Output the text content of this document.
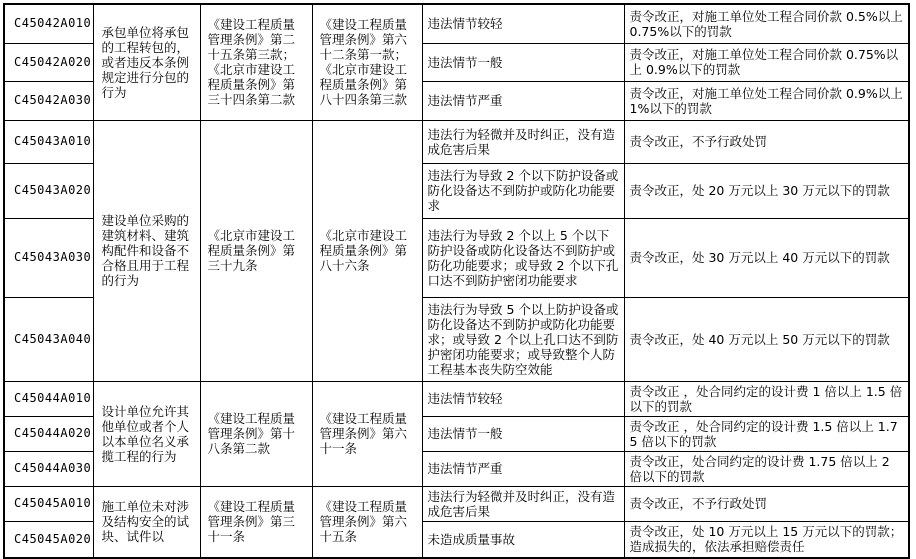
C45042A010	承包单位将承包的工程转包的，或者违反本条例规定进行分包的行为	《建设工程质量管理条例》第二十五条第三款；《北京市建设工程质量条例》第三十四条第二款	《建设工程质量管理条例》第六十二条第一款；《北京市建设工程质量条例》第八十四条第三款	违法情节较轻	责令改正，对施工单位处工程合同价款 0.5%以上 0.75%以下的罚款
C45042A020				违法情节一般	责令改正，对施工单位处工程合同价款 0.75%以上 0.9%以下的罚款
C45042A030				违法情节严重	责令改正，对施工单位处工程合同价款 0.9%以上 1%以下的罚款
C45043A010	建设单位采购的建筑材料、建筑构配件和设备不合格且用于工程的行为	《北京市建设工程质量条例》第三十九条	《北京市建设工程质量条例》第八十六条	违法行为轻微并及时纠正，没有造成危害后果	责令改正，不予行政处罚
C45043A020				违法行为导致 2 个以下防护设备或防化设备达不到防护或防化功能要求	责令改正，处 20 万元以上 30 万元以下的罚款
C45043A030				违法行为导致 2 个以上 5 个以下防护设备或防化设备达不到防护或防化功能要求；或导致 2 个以下孔口达不到防护密闭功能要求	责令改正，处 30 万元以上 40 万元以下的罚款
C45043A040				违法行为导致 5 个以上防护设备或防化设备达不到防护或防化功能要求；或导致 2 个以上孔口达不到防护密闭功能要求；或导致整个人防工程基本丧失防空效能	责令改正，处 40 万元以上 50 万元以下的罚款
C45044A010	设计单位允许其他单位或者个人以本单位名义承揽工程的行为	《建设工程质量管理条例》第十八条第二款	《建设工程质量管理条例》第六十一条	违法情节较轻	责令改正 ，处合同约定的设计费 1 倍以上 1.5 倍以下的罚款
C45044A020				违法情节一般	责令改正 ，处合同约定的设计费 1.5 倍以上 1.75 倍以下的罚款
C45044A030				违法情节严重	责令改正，处合同约定的设计费 1.75 倍以上 2 倍以下的罚款
C45045A010	施工单位未对涉及结构安全的试块、试件以	《建设工程质量管理条例》第三十一条	《建设工程质量管理条例》第六十五条	违法行为轻微并及时纠正，没有造成危害后果	责令改正，不予行政处罚
C45045A020				未造成质量事故	责令改正，处 10 万元以上 15 万元以下的罚款；造成损失的，依法承担赔偿责任
